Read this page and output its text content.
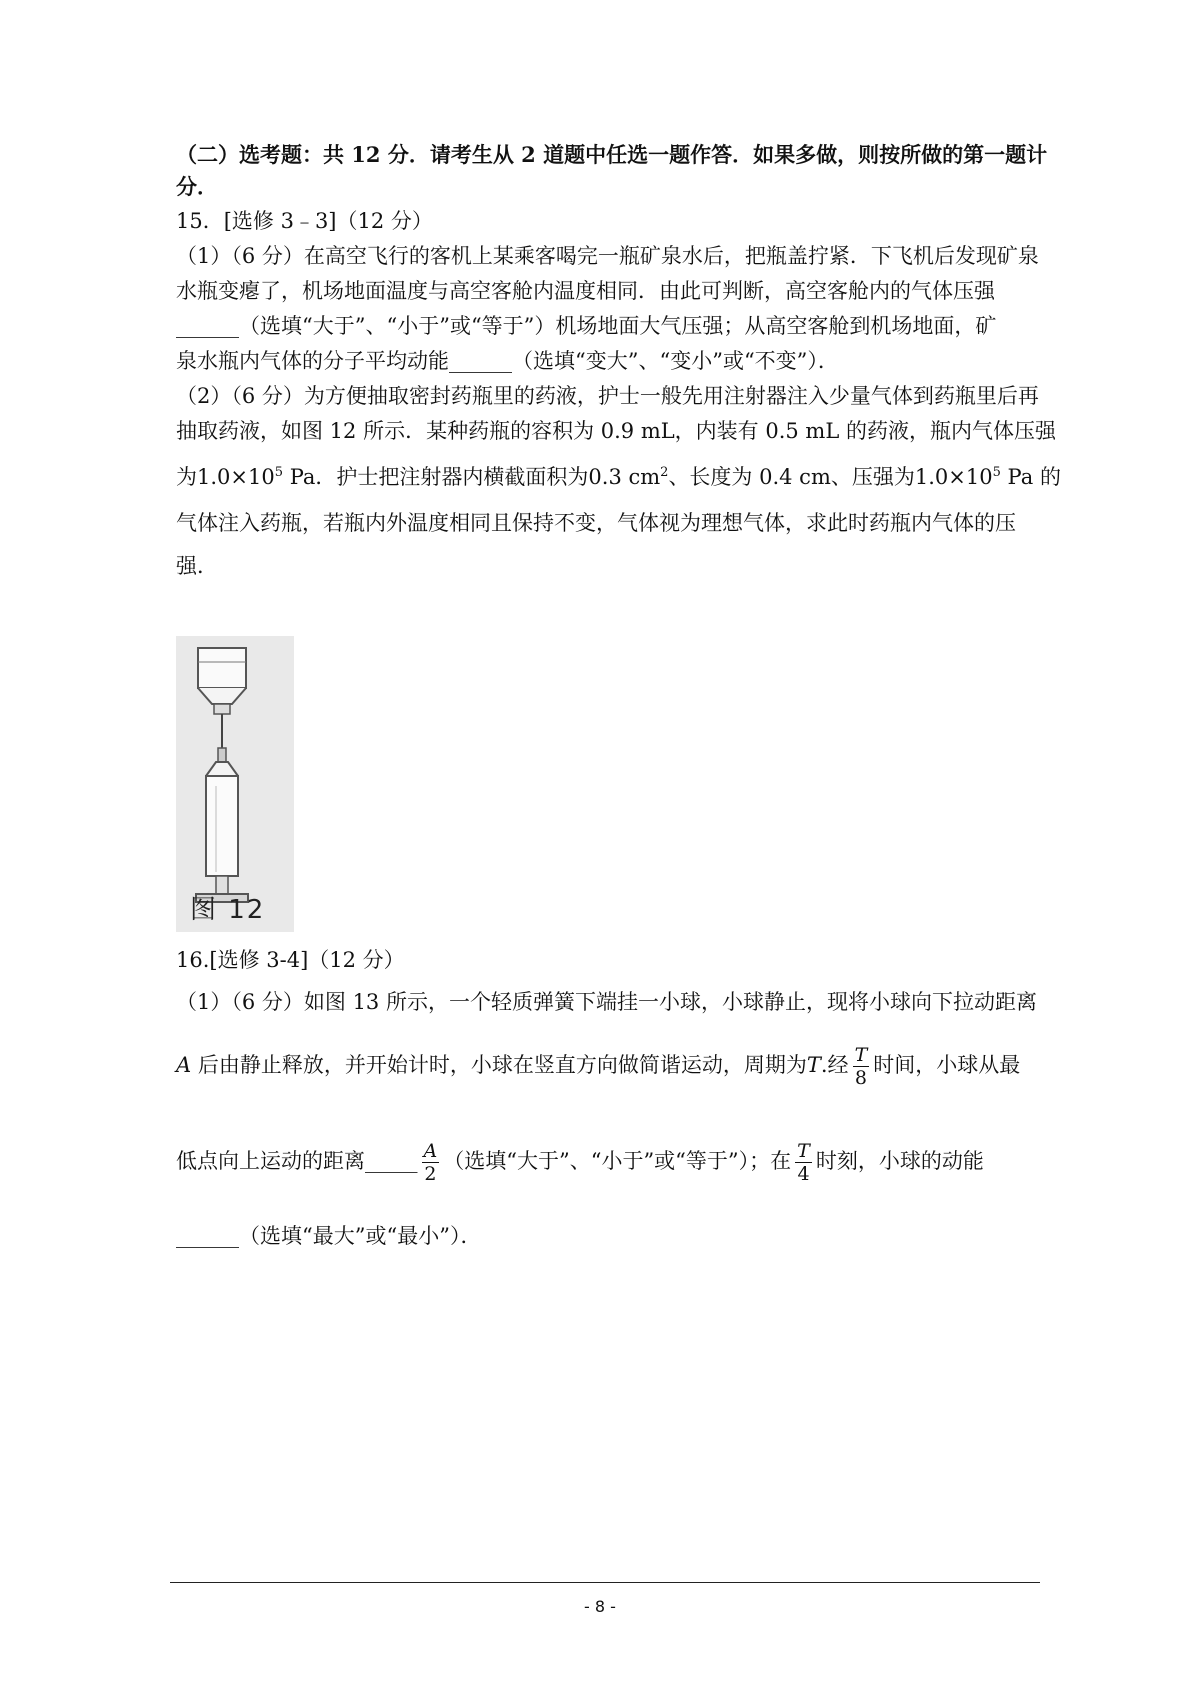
（二）选考题：共 12 分．请考生从 2 道题中任选一题作答．如果多做，则按所做的第一题计
分．
15．[选修 3﹣3]（12 分）
（1）（6 分）在高空飞行的客机上某乘客喝完一瓶矿泉水后，把瓶盖拧紧．下飞机后发现矿泉
水瓶变瘪了，机场地面温度与高空客舱内温度相同．由此可判断，高空客舱内的气体压强
______（选填“大于”、“小于”或“等于”）机场地面大气压强；从高空客舱到机场地面，矿
泉水瓶内气体的分子平均动能______（选填“变大”、“变小”或“不变”）．
（2）（6 分）为方便抽取密封药瓶里的药液，护士一般先用注射器注入少量气体到药瓶里后再
抽取药液，如图 12 所示．某种药瓶的容积为 0.9 mL，内装有 0.5 mL 的药液，瓶内气体压强
为$1.0\times 10^5$ Pa．护士把注射器内横截面积为0.3 $cm^2$、长度为 0.4 cm、压强为$1.0\times 10^5$ Pa 的
气体注入药瓶，若瓶内外温度相同且保持不变，气体视为理想气体，求此时药瓶内气体的压
强．
图 12
16.[选修 3-4]（12 分）
（1）（6 分）如图 13 所示，一个轻质弹簧下端挂一小球，小球静止，现将小球向下拉动距离
A 后由静止释放，并开始计时，小球在竖直方向做简谐运动，周期为T.经 $\frac{T}{8}$ 时间，小球从最
低点向上运动的距离_____ $\frac{A}{2}$ （选填“大于”、“小于”或“等于”）；在 $\frac{T}{4}$ 时刻，小球的动能
______（选填“最大”或“最小”）．
- 8 -
